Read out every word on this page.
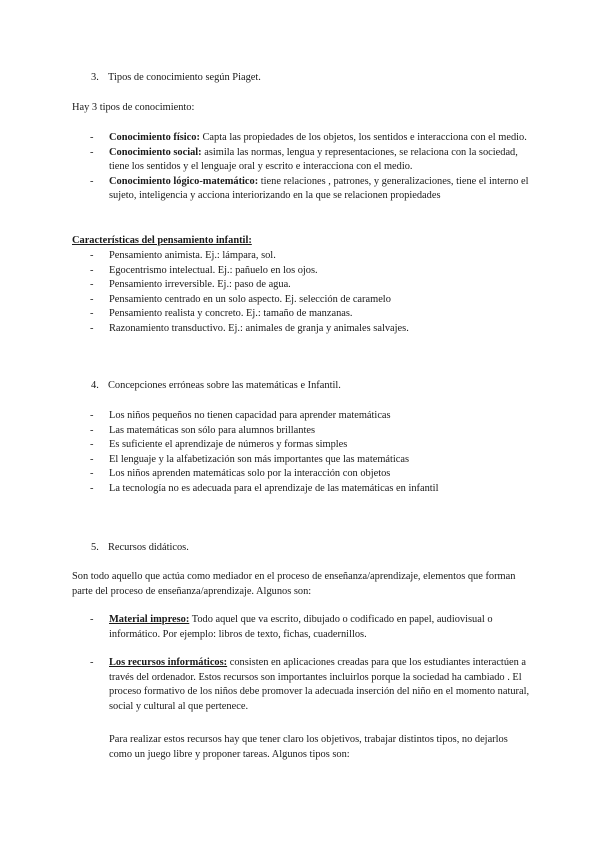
3. Tipos de conocimiento según Piaget.
Hay 3 tipos de conocimiento:
- Conocimiento físico: Capta las propiedades de los objetos, los sentidos e interacciona con el medio.
- Conocimiento social: asimila las normas, lengua y representaciones, se relaciona con la sociedad, tiene los sentidos y el lenguaje oral y escrito e interacciona con el medio.
- Conocimiento lógico-matemático: tiene relaciones , patrones, y generalizaciones, tiene el interno el sujeto, inteligencia y acciona interiorizando en la que se relacionen propiedades
Características del pensamiento infantil:
- Pensamiento animista. Ej.: lámpara, sol.
- Egocentrismo intelectual. Ej.: pañuelo en los ojos.
- Pensamiento irreversible. Ej.: paso de agua.
- Pensamiento centrado en un solo aspecto. Ej. selección de caramelo
- Pensamiento realista y concreto. Ej.: tamaño de manzanas.
- Razonamiento transductivo. Ej.: animales de granja y animales salvajes.
4. Concepciones erróneas sobre las matemáticas e Infantil.
- Los niños pequeños no tienen capacidad para aprender matemáticas
- Las matemáticas son sólo para alumnos brillantes
- Es suficiente el aprendizaje de números y formas simples
- El lenguaje y la alfabetización son más importantes que las matemáticas
- Los niños aprenden matemáticas solo por la interacción con objetos
- La tecnología no es adecuada para el aprendizaje de las matemáticas en infantil
5. Recursos didáticos.
Son todo aquello que actúa como mediador en el proceso de enseñanza/aprendizaje, elementos que forman parte del proceso de enseñanza/aprendizaje. Algunos son:
- Material impreso: Todo aquel que va escrito, dibujado o codificado en papel, audiovisual o informático. Por ejemplo: libros de texto, fichas, cuadernillos.
- Los recursos informáticos: consisten en aplicaciones creadas para que los estudiantes interactúen a través del ordenador. Estos recursos son importantes incluirlos porque la sociedad ha cambiado . El proceso formativo de los niños debe promover la adecuada inserción del niño en el momento natural, social y cultural al que pertenece.
Para realizar estos recursos hay que tener claro los objetivos, trabajar distintos tipos, no dejarlos como un juego libre y proponer tareas. Algunos tipos son:
